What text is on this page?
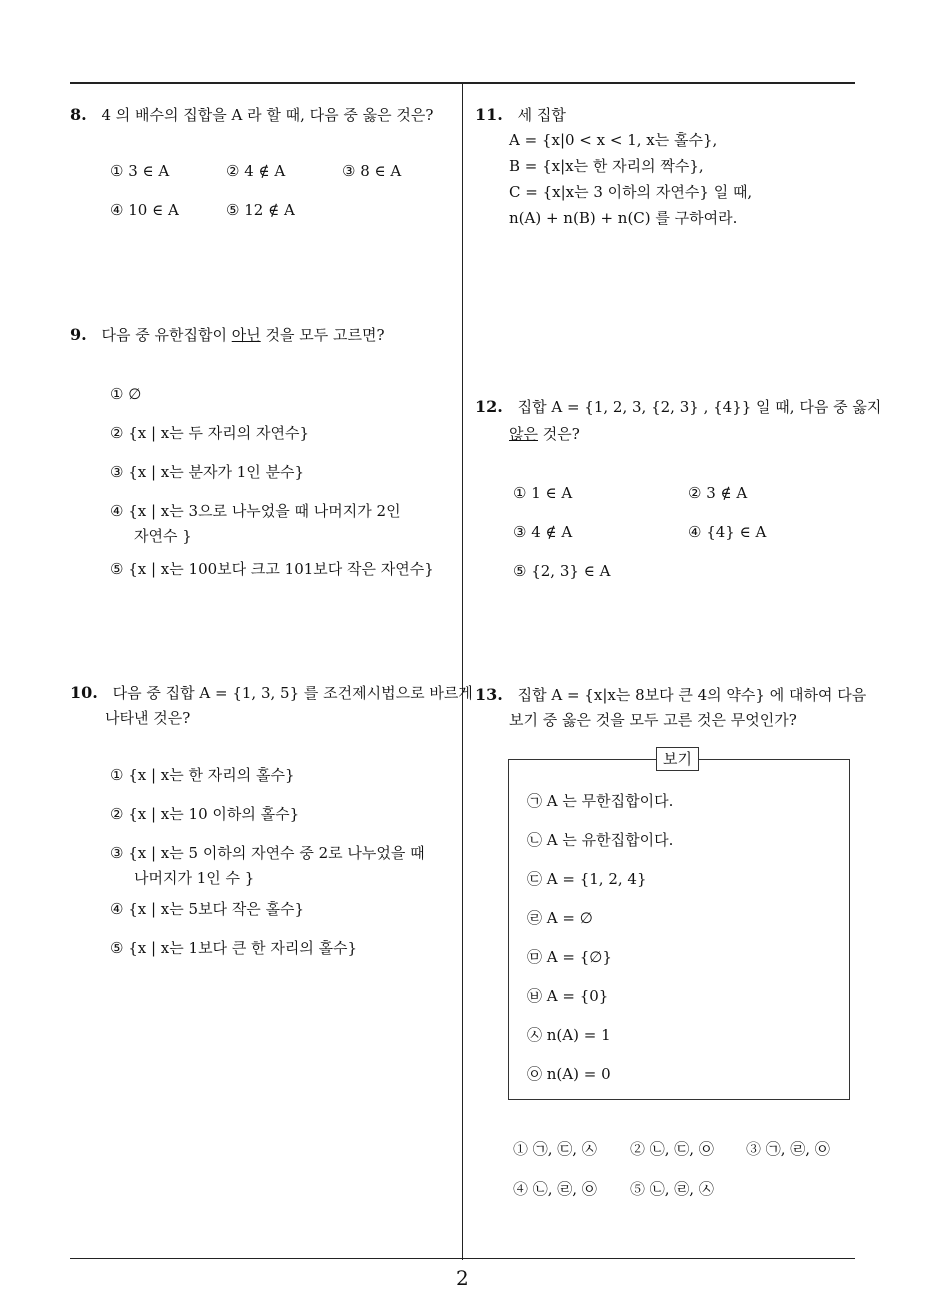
8. 4 의 배수의 집합을 A 라 할 때, 다음 중 옳은 것은?
① 3 ∈ A	② 4 ∉ A	③ 8 ∈ A
④ 10 ∈ A	⑤ 12 ∉ A
9. 다음 중 유한집합이 아닌 것을 모두 고르면?
① ∅
② {x | x는 두 자리의 자연수}
③ {x | x는 분자가 1인 분수}
④ {x | x는 3으로 나누었을 때 나머지가 2인
자연수 }
⑤ {x | x는 100보다 크고 101보다 작은 자연수}
10. 다음 중 집합 A = {1, 3, 5} 를 조건제시법으로 바르게
나타낸 것은?
① {x | x는 한 자리의 홀수}
② {x | x는 10 이하의 홀수}
③ {x | x는 5 이하의 자연수 중 2로 나누었을 때
나머지가 1인 수 }
④ {x | x는 5보다 작은 홀수}
⑤ {x | x는 1보다 큰 한 자리의 홀수}
11. 세 집합
A = {x|0 < x < 1, x는 홀수},
B = {x|x는 한 자리의 짝수},
C = {x|x는 3 이하의 자연수} 일 때,
n(A) + n(B) + n(C) 를 구하여라.
12. 집합 A = {1, 2, 3, {2, 3} , {4}} 일 때, 다음 중 옳지
않은 것은?
① 1 ∈ A	② 3 ∉ A
③ 4 ∉ A	④ {4} ∈ A
⑤ {2, 3} ∈ A
13. 집합 A = {x|x는 8보다 큰 4의 약수} 에 대하여 다음
보기 중 옳은 것을 모두 고른 것은 무엇인가?
보기
㉠ A 는 무한집합이다.
㉡ A 는 유한집합이다.
㉢ A = {1, 2, 4}
㉣ A = ∅
㉤ A = {∅}
㉥ A = {0}
㉦ n(A) = 1
㉧ n(A) = 0
① ㉠, ㉢, ㉦ ② ㉡, ㉢, ㉧ ③ ㉠, ㉣, ㉧
④ ㉡, ㉣, ㉧ ⑤ ㉡, ㉣, ㉦
2
